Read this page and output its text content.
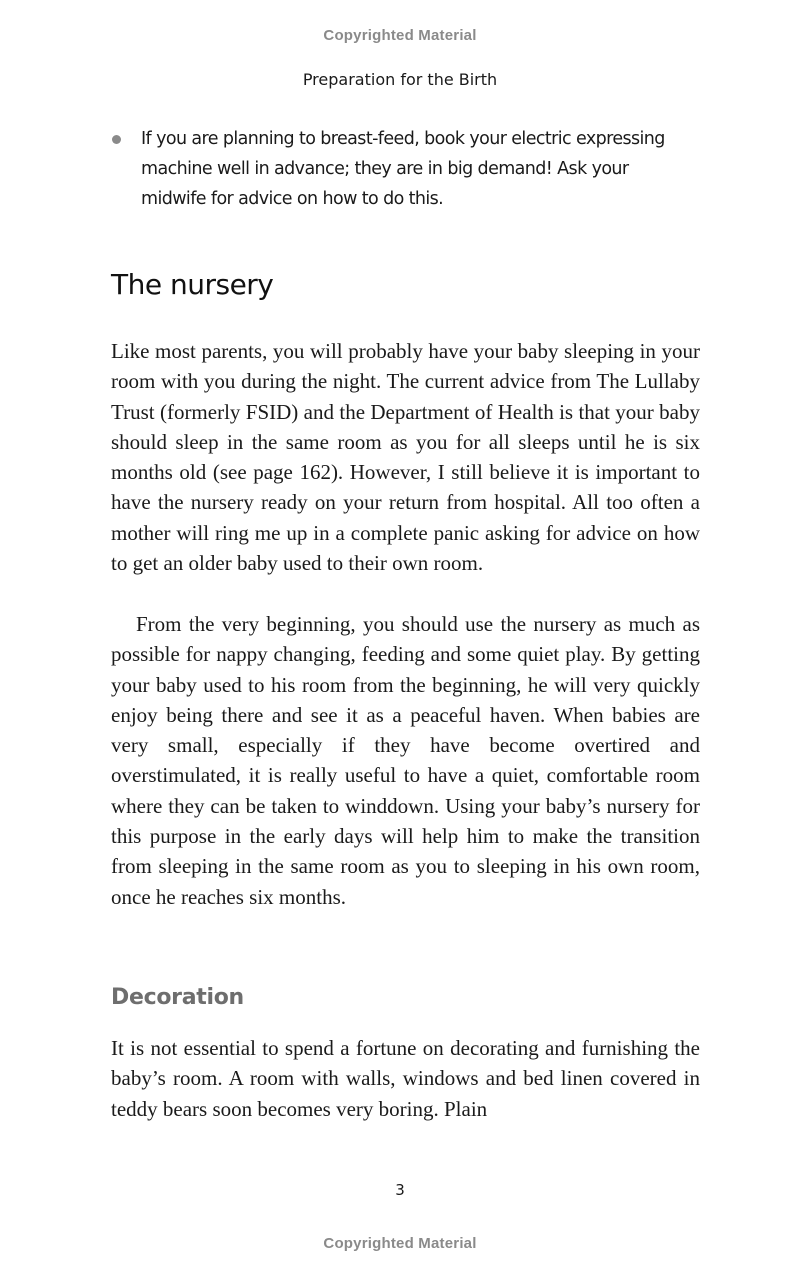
Copyrighted Material
Preparation for the Birth
If you are planning to breast-feed, book your electric expressing machine well in advance; they are in big demand! Ask your midwife for advice on how to do this.
The nursery

Like most parents, you will probably have your baby sleeping in your room with you during the night. The current advice from The Lullaby Trust (formerly FSID) and the Department of Health is that your baby should sleep in the same room as you for all sleeps until he is six months old (see page 162). However, I still believe it is important to have the nursery ready on your return from hospital. All too often a mother will ring me up in a complete panic asking for advice on how to get an older baby used to their own room.

From the very beginning, you should use the nursery as much as possible for nappy changing, feeding and some quiet play. By getting your baby used to his room from the beginning, he will very quickly enjoy being there and see it as a peaceful haven. When babies are very small, especially if they have become overtired and overstimulated, it is really useful to have a quiet, comfortable room where they can be taken to winddown. Using your baby’s nursery for this purpose in the early days will help him to make the transition from sleeping in the same room as you to sleeping in his own room, once he reaches six months.

Decoration

It is not essential to spend a fortune on decorating and furnishing the baby’s room. A room with walls, windows and bed linen covered in teddy bears soon becomes very boring. Plain

3
Copyrighted Material
